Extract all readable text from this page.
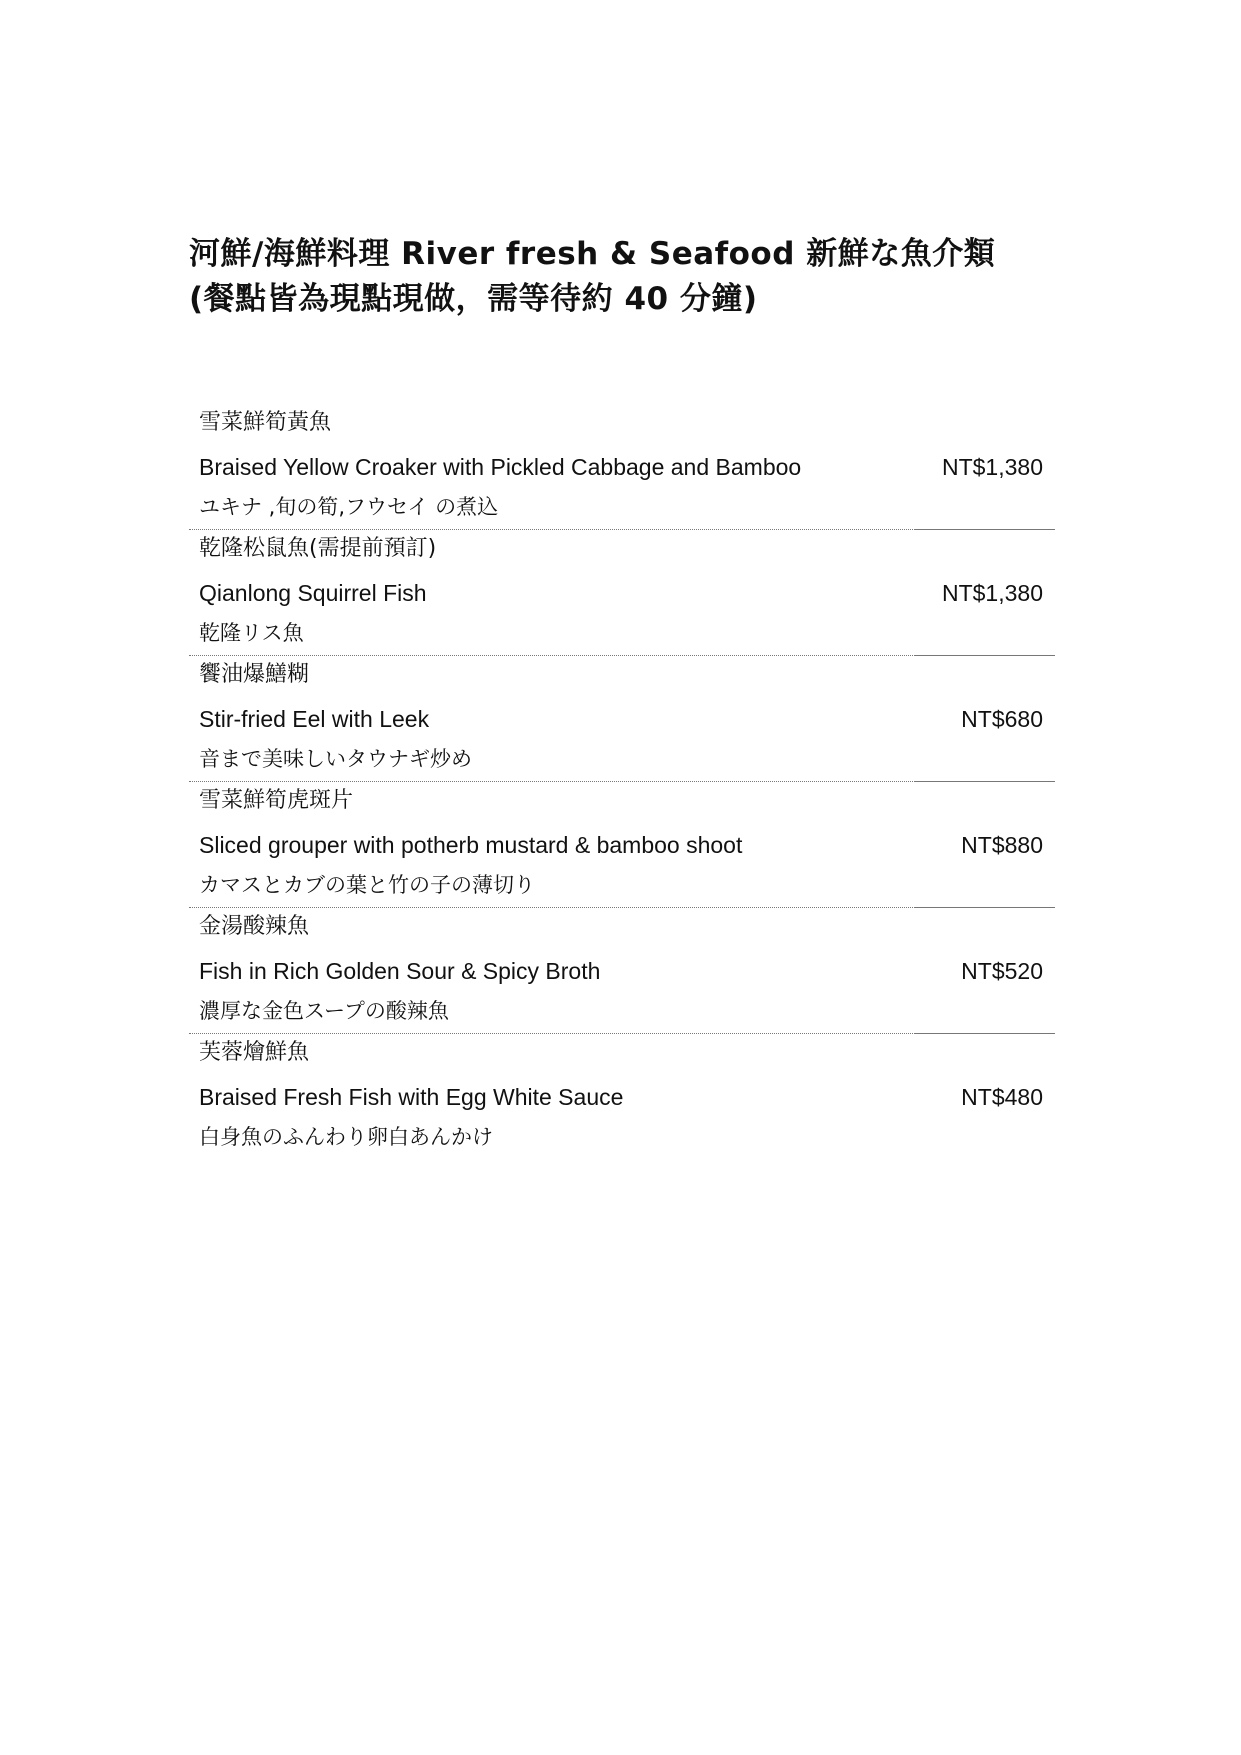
河鮮/海鮮料理 River fresh & Seafood 新鮮な魚介類
(餐點皆為現點現做，需等待約 40 分鐘)
雪菜鮮筍黃魚
Braised Yellow Croaker with Pickled Cabbage and Bamboo	NT$1,380
ユキナ ,旬の筍,フウセイ の煮込
乾隆松鼠魚(需提前預訂)
Qianlong Squirrel Fish	NT$1,380
乾隆リス魚
饗油爆鱔糊
Stir-fried Eel with Leek	NT$680
音まで美味しいタウナギ炒め
雪菜鮮筍虎斑片
Sliced grouper with potherb mustard & bamboo shoot	NT$880
カマスとカブの葉と竹の子の薄切り
金湯酸辣魚
Fish in Rich Golden Sour & Spicy Broth	NT$520
濃厚な金色スープの酸辣魚
芙蓉燴鮮魚
Braised Fresh Fish with Egg White Sauce	NT$480
白身魚のふんわり卵白あんかけ
